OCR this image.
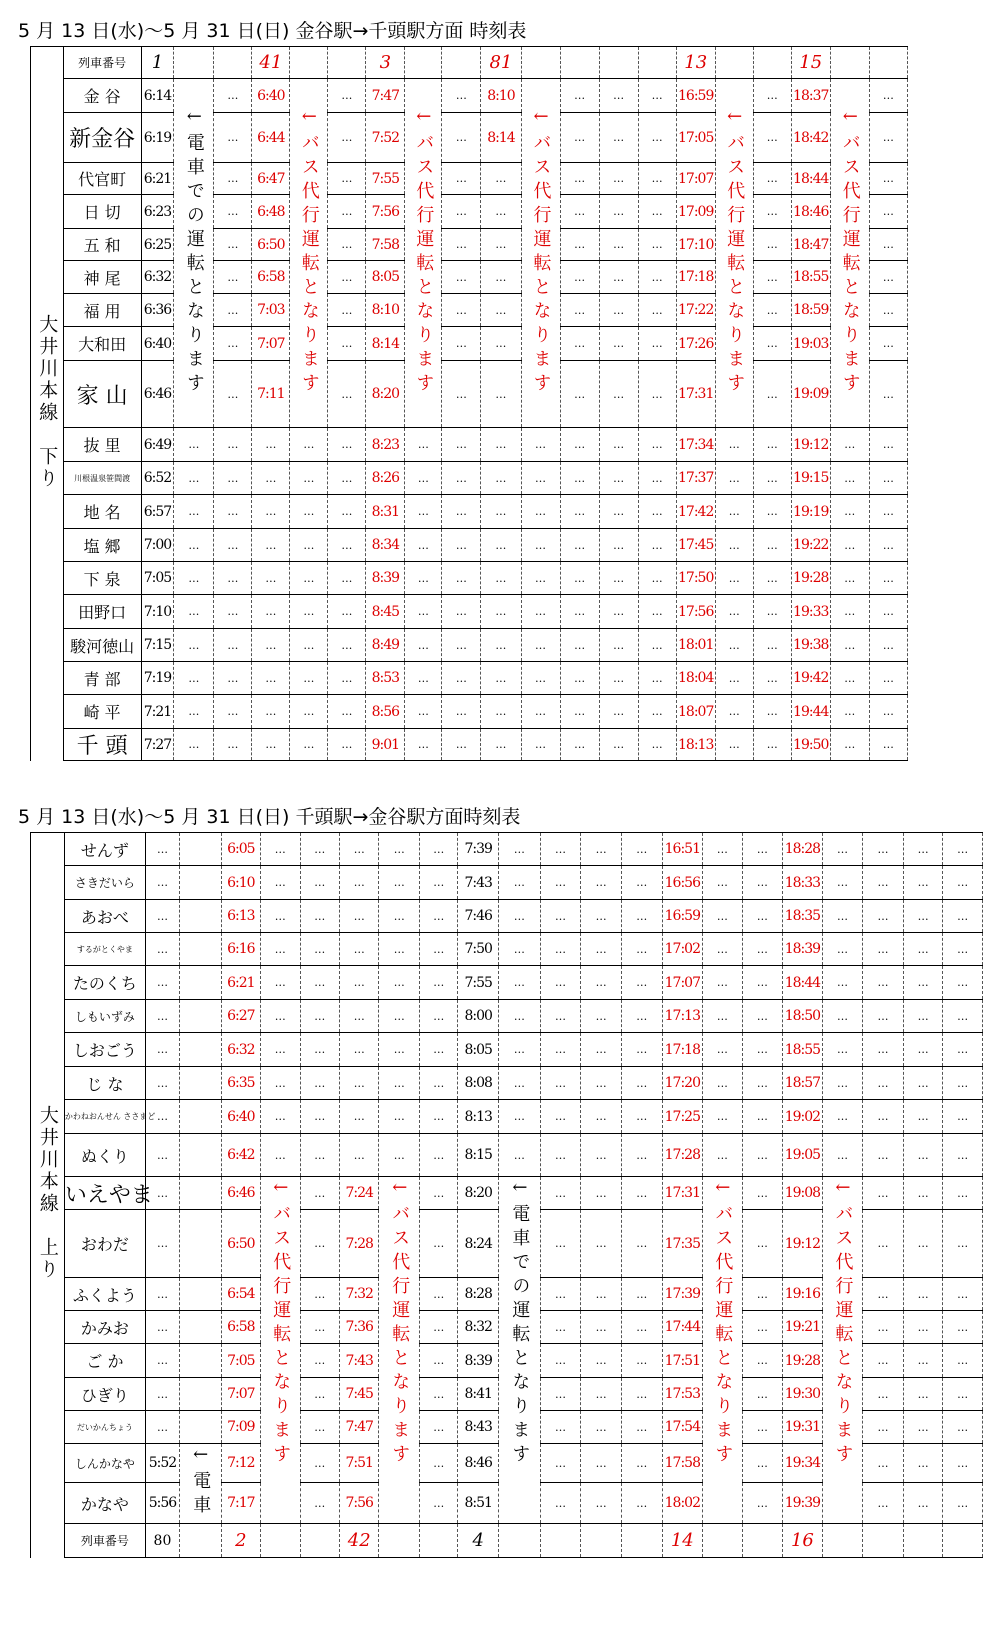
5 月 13 日(水)〜5 月 31 日(日) 金谷駅→千頭駅方面 時刻表
大井川本線　下り	列車番号	1			41			3			81					13			15		
	金 谷	6:14	←電車での運転となります	…	6:40	←バス代行運転となります	…	7:47	←バス代行運転となります	…	8:10	←バス代行運転となります	…	…	…	16:59	←バス代行運転となります	…	18:37	←バス代行運転となります	…
	新金谷	6:19		…	6:44		…	7:52		…	8:14		…	…	…	17:05		…	18:42		…
	代官町	6:21		…	6:47		…	7:55		…	…		…	…	…	17:07		…	18:44		…
	日 切	6:23		…	6:48		…	7:56		…	…		…	…	…	17:09		…	18:46		…
	五 和	6:25		…	6:50		…	7:58		…	…		…	…	…	17:10		…	18:47		…
	神 尾	6:32		…	6:58		…	8:05		…	…		…	…	…	17:18		…	18:55		…
	福 用	6:36		…	7:03		…	8:10		…	…		…	…	…	17:22		…	18:59		…
	大和田	6:40		…	7:07		…	8:14		…	…		…	…	…	17:26		…	19:03		…
	家 山	6:46		…	7:11		…	8:20		…	…		…	…	…	17:31		…	19:09		…
	抜 里	6:49	…	…	…	…	…	8:23	…	…	…	…	…	…	…	17:34	…	…	19:12	…	…
	川根温泉笹間渡	6:52	…	…	…	…	…	8:26	…	…	…	…	…	…	…	17:37	…	…	19:15	…	…
	地 名	6:57	…	…	…	…	…	8:31	…	…	…	…	…	…	…	17:42	…	…	19:19	…	…
	塩 郷	7:00	…	…	…	…	…	8:34	…	…	…	…	…	…	…	17:45	…	…	19:22	…	…
	下 泉	7:05	…	…	…	…	…	8:39	…	…	…	…	…	…	…	17:50	…	…	19:28	…	…
	田野口	7:10	…	…	…	…	…	8:45	…	…	…	…	…	…	…	17:56	…	…	19:33	…	…
	駿河徳山	7:15	…	…	…	…	…	8:49	…	…	…	…	…	…	…	18:01	…	…	19:38	…	…
	青 部	7:19	…	…	…	…	…	8:53	…	…	…	…	…	…	…	18:04	…	…	19:42	…	…
	崎 平	7:21	…	…	…	…	…	8:56	…	…	…	…	…	…	…	18:07	…	…	19:44	…	…
	千 頭	7:27	…	…	…	…	…	9:01	…	…	…	…	…	…	…	18:13	…	…	19:50	…	…
5 月 13 日(水)〜5 月 31 日(日) 千頭駅→金谷駅方面時刻表
大井川本線　上り	せんず	…		6:05	…	…	…	…	…	7:39	…	…	…	…	16:51	…	…	18:28	…	…	…	…
	さきだいら	…		6:10	…	…	…	…	…	7:43	…	…	…	…	16:56	…	…	18:33	…	…	…	…
	あおべ	…		6:13	…	…	…	…	…	7:46	…	…	…	…	16:59	…	…	18:35	…	…	…	…
	するがとくやま	…		6:16	…	…	…	…	…	7:50	…	…	…	…	17:02	…	…	18:39	…	…	…	…
	たのくち	…		6:21	…	…	…	…	…	7:55	…	…	…	…	17:07	…	…	18:44	…	…	…	…
	しもいずみ	…		6:27	…	…	…	…	…	8:00	…	…	…	…	17:13	…	…	18:50	…	…	…	…
	しおごう	…		6:32	…	…	…	…	…	8:05	…	…	…	…	17:18	…	…	18:55	…	…	…	…
	じ な	…		6:35	…	…	…	…	…	8:08	…	…	…	…	17:20	…	…	18:57	…	…	…	…
	かわねおんせん ささまど	…		6:40	…	…	…	…	…	8:13	…	…	…	…	17:25	…	…	19:02	…	…	…	…
	ぬくり	…		6:42	…	…	…	…	…	8:15	…	…	…	…	17:28	…	…	19:05	…	…	…	…
	いえやま	…		6:46	←バス代行運転となります	…	7:24	←バス代行運転となります	…	8:20	←電車での運転となります	…	…	…	17:31	←バス代行運転となります	…	19:08	←バス代行運転となります	…	…	…
	おわだ	…		6:50		…	7:28		…	8:24		…	…	…	17:35		…	19:12		…	…	…
	ふくよう	…		6:54		…	7:32		…	8:28		…	…	…	17:39		…	19:16		…	…	…
	かみお	…		6:58		…	7:36		…	8:32		…	…	…	17:44		…	19:21		…	…	…
	ご か	…		7:05		…	7:43		…	8:39		…	…	…	17:51		…	19:28		…	…	…
	ひぎり	…		7:07		…	7:45		…	8:41		…	…	…	17:53		…	19:30		…	…	…
	だいかんちょう	…		7:09		…	7:47		…	8:43		…	…	…	17:54		…	19:31		…	…	…
	しんかなや	5:52	←電車	7:12		…	7:51		…	8:46		…	…	…	17:58		…	19:34		…	…	…
	かなや	5:56		7:17		…	7:56		…	8:51		…	…	…	18:02		…	19:39		…	…	…
	列車番号	80		2			42			4					14			16				
